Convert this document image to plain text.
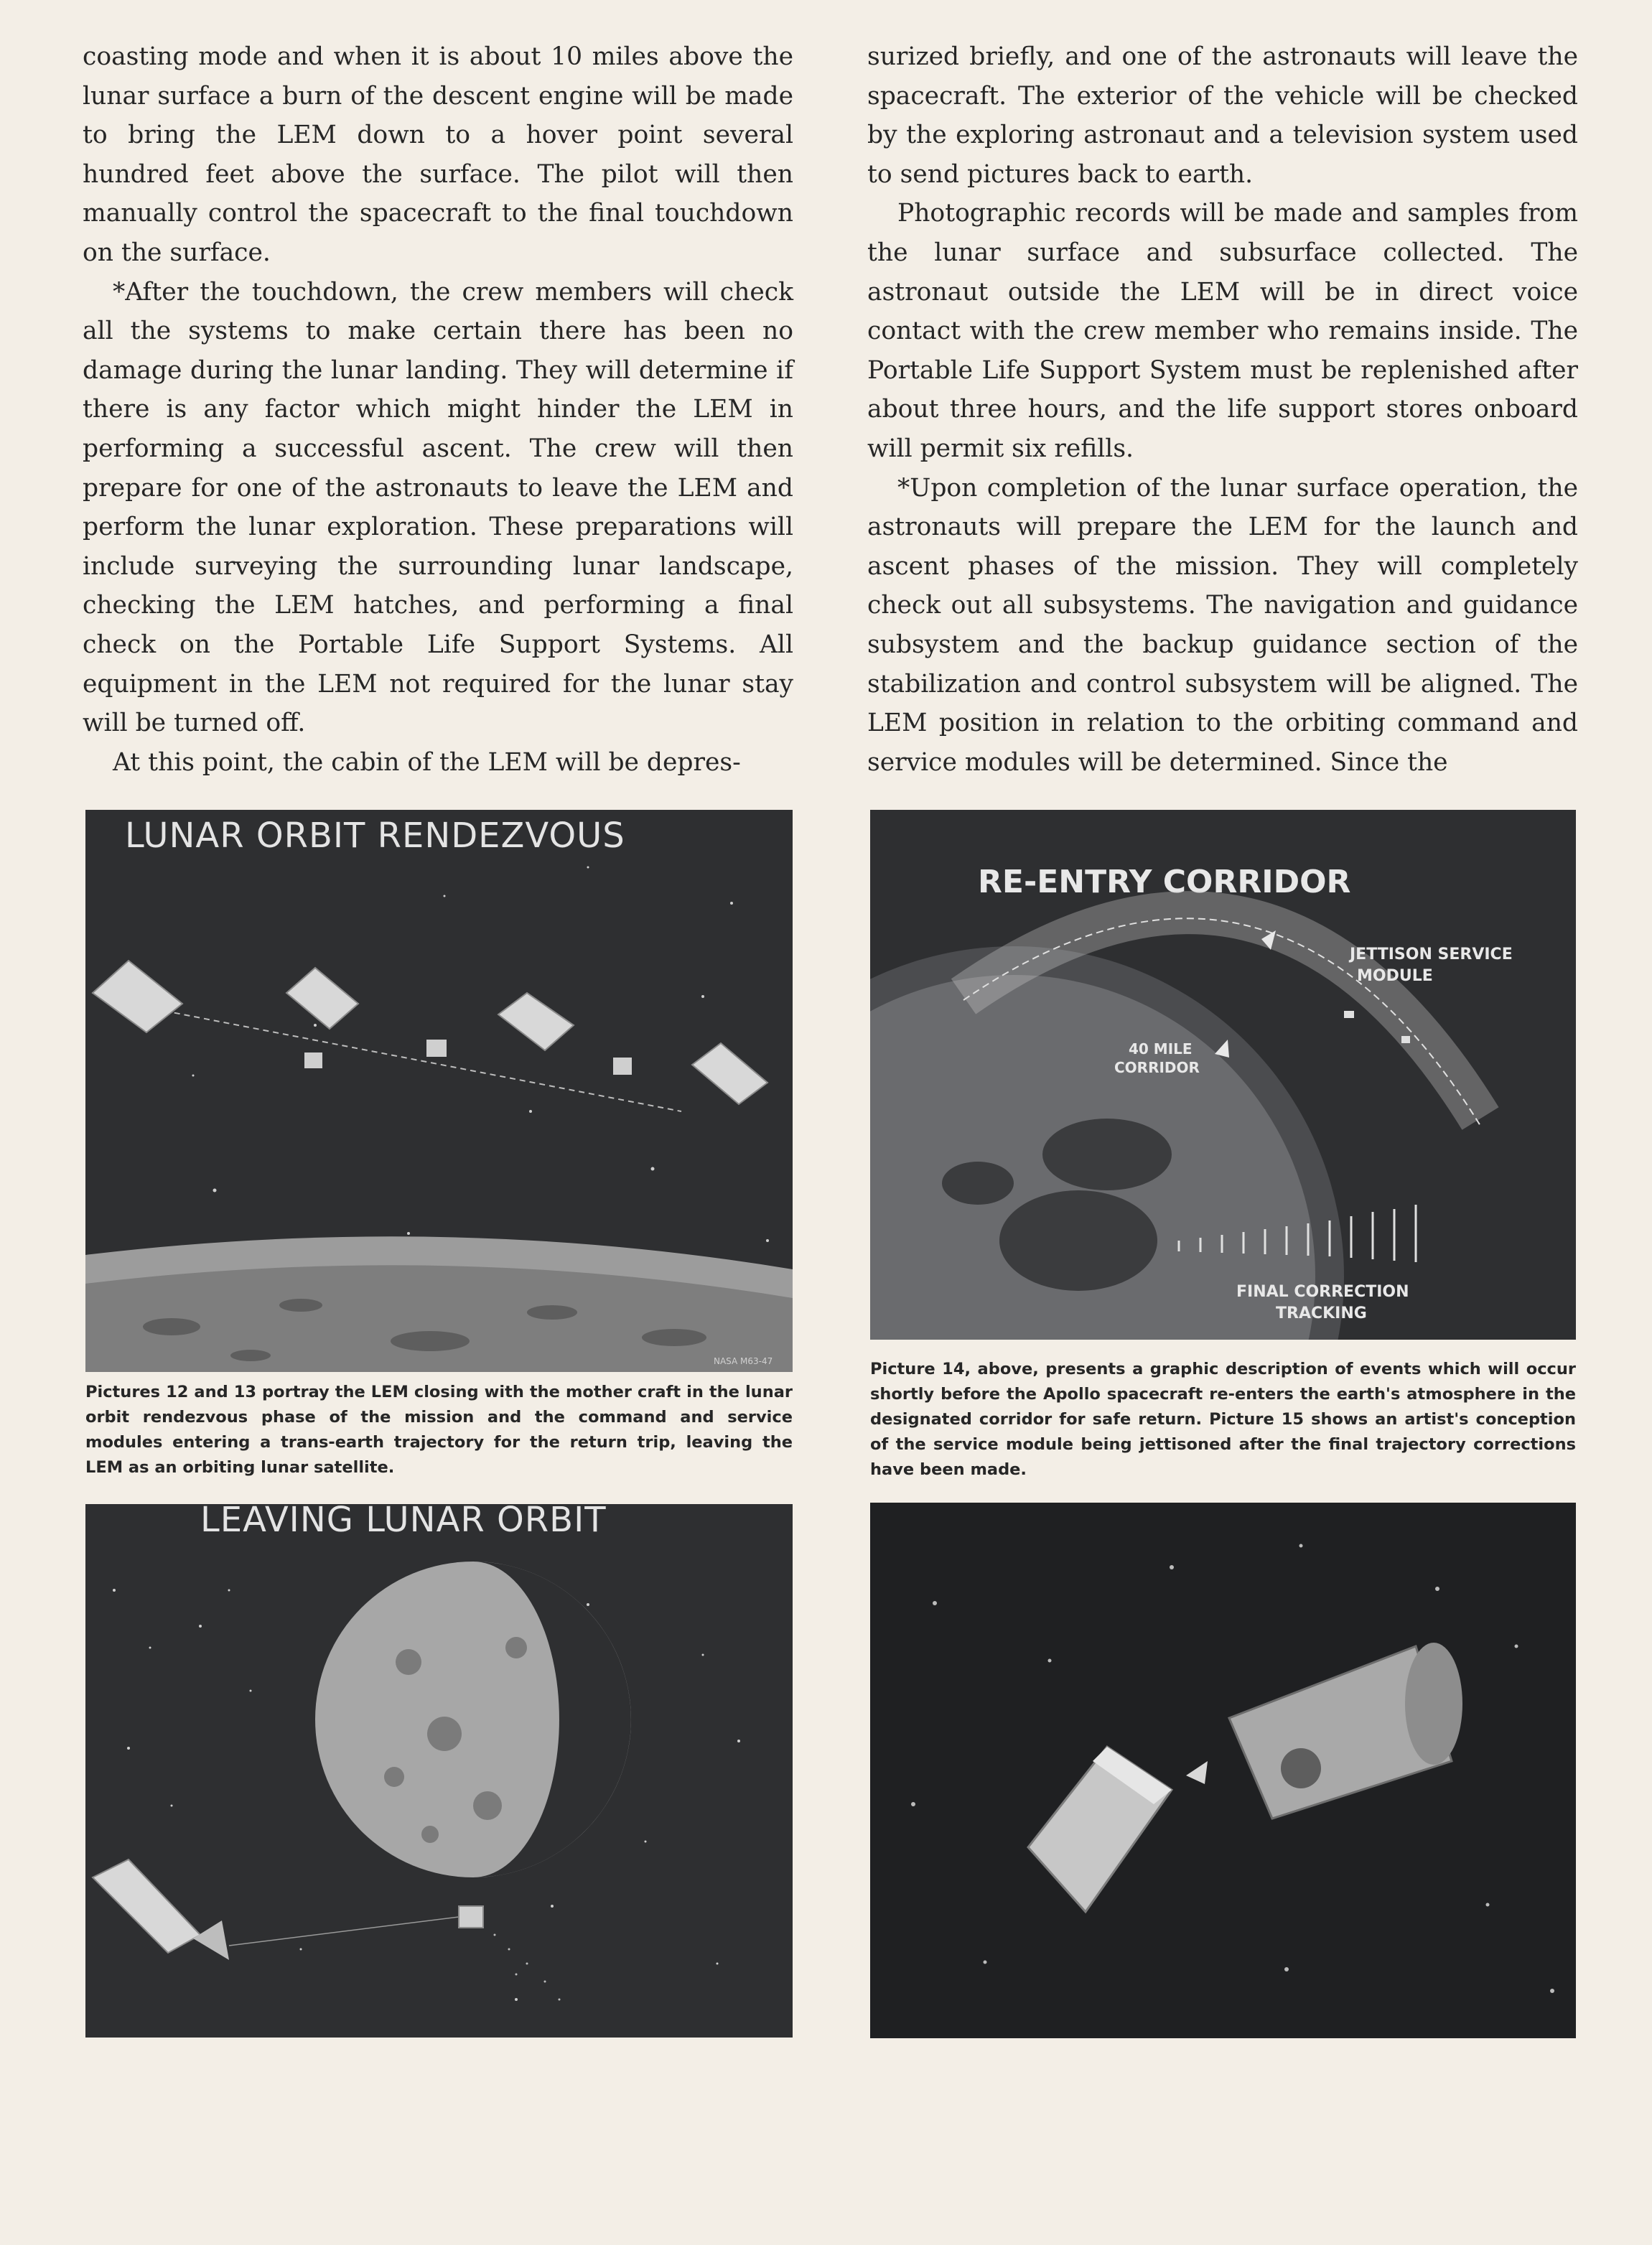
coasting mode and when it is about 10 miles above the lunar surface a burn of the descent engine will be made to bring the LEM down to a hover point several hundred feet above the surface. The pilot will then manually control the spacecraft to the final touchdown on the surface.

*After the touchdown, the crew members will check all the systems to make certain there has been no damage during the lunar landing. They will determine if there is any factor which might hinder the LEM in performing a successful ascent. The crew will then prepare for one of the astronauts to leave the LEM and perform the lunar exploration. These preparations will include surveying the surrounding lunar landscape, checking the LEM hatches, and performing a final check on the Portable Life Support Systems. All equipment in the LEM not required for the lunar stay will be turned off.

At this point, the cabin of the LEM will be depres-

surized briefly, and one of the astronauts will leave the spacecraft. The exterior of the vehicle will be checked by the exploring astronaut and a television system used to send pictures back to earth.

Photographic records will be made and samples from the lunar surface and subsurface collected. The astronaut outside the LEM will be in direct voice contact with the crew member who remains inside. The Portable Life Support System must be replenished after about three hours, and the life support stores onboard will permit six refills.

*Upon completion of the lunar surface operation, the astronauts will prepare the LEM for the launch and ascent phases of the mission. They will completely check out all subsystems. The navigation and guidance subsystem and the backup guidance section of the stabilization and control subsystem will be aligned. The LEM position in relation to the orbiting command and service modules will be determined. Since the

LUNAR ORBIT RENDEZVOUS
NASA M63-47
Pictures 12 and 13 portray the LEM closing with the mother craft in the lunar orbit rendezvous phase of the mission and the command and service modules entering a trans-earth trajectory for the return trip, leaving the LEM as an orbiting lunar satellite.
LEAVING LUNAR ORBIT
RE-ENTRY CORRIDOR
JETTISON SERVICE
MODULE
40 MILE
CORRIDOR
FINAL CORRECTION
TRACKING
Picture 14, above, presents a graphic description of events which will occur shortly before the Apollo spacecraft re-enters the earth's atmosphere in the designated corridor for safe return. Picture 15 shows an artist's conception of the service module being jettisoned after the final trajectory corrections have been made.
